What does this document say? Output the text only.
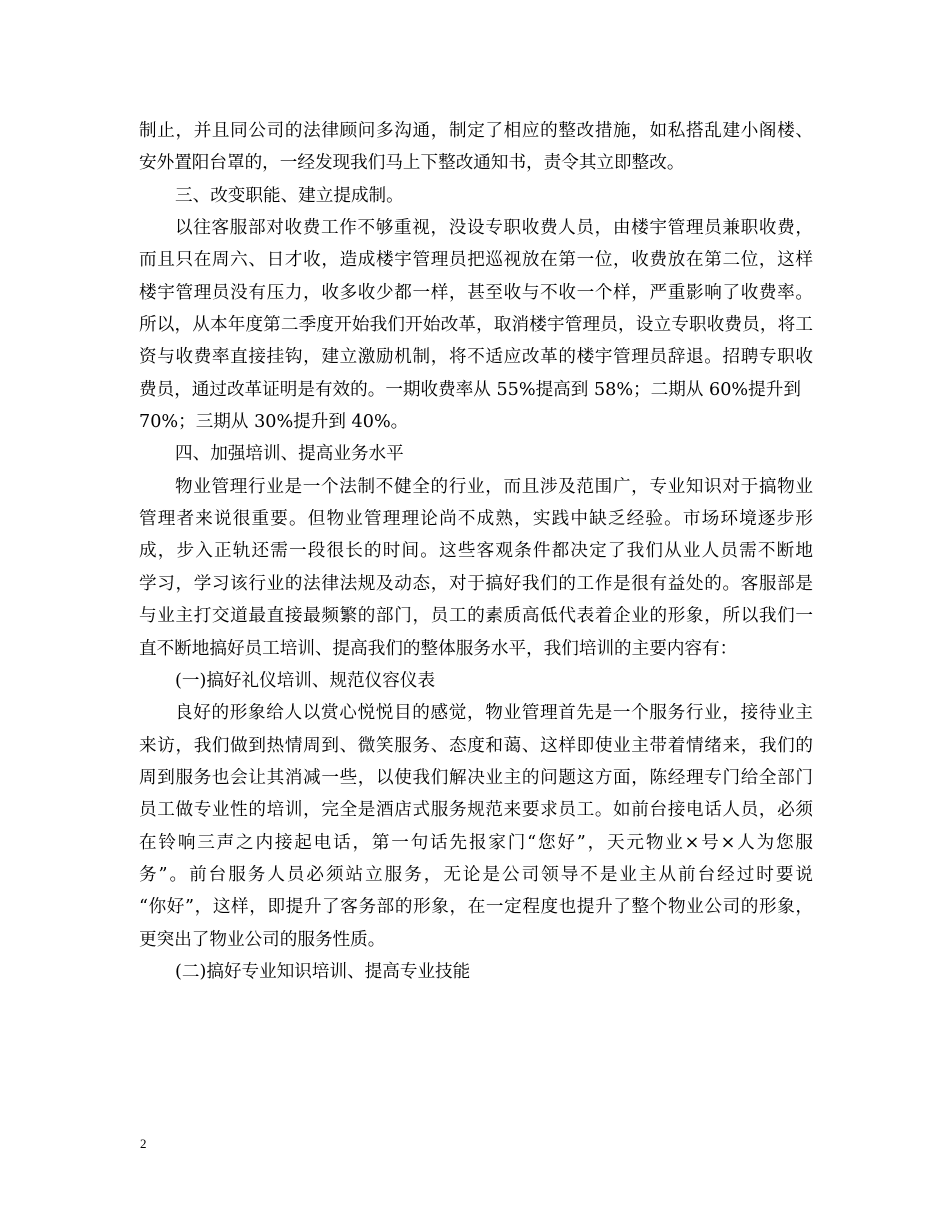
制止，并且同公司的法律顾问多沟通，制定了相应的整改措施，如私搭乱建小阁楼、
安外置阳台罩的，一经发现我们马上下整改通知书，责令其立即整改。
三、改变职能、建立提成制。
以往客服部对收费工作不够重视，没设专职收费人员，由楼宇管理员兼职收费，
而且只在周六、日才收，造成楼宇管理员把巡视放在第一位，收费放在第二位，这样
楼宇管理员没有压力，收多收少都一样，甚至收与不收一个样，严重影响了收费率。
所以，从本年度第二季度开始我们开始改革，取消楼宇管理员，设立专职收费员，将工
资与收费率直接挂钩，建立激励机制，将不适应改革的楼宇管理员辞退。招聘专职收
费员，通过改革证明是有效的。一期收费率从 55%提高到 58%；二期从 60%提升到
70%；三期从 30%提升到 40%。
四、加强培训、提高业务水平
物业管理行业是一个法制不健全的行业，而且涉及范围广，专业知识对于搞物业
管理者来说很重要。但物业管理理论尚不成熟，实践中缺乏经验。市场环境逐步形
成，步入正轨还需一段很长的时间。这些客观条件都决定了我们从业人员需不断地
学习，学习该行业的法律法规及动态，对于搞好我们的工作是很有益处的。客服部是
与业主打交道最直接最频繁的部门，员工的素质高低代表着企业的形象，所以我们一
直不断地搞好员工培训、提高我们的整体服务水平，我们培训的主要内容有：
(一)搞好礼仪培训、规范仪容仪表
良好的形象给人以赏心悦悦目的感觉，物业管理首先是一个服务行业，接待业主
来访，我们做到热情周到、微笑服务、态度和蔼、这样即使业主带着情绪来，我们的
周到服务也会让其消减一些，以使我们解决业主的问题这方面，陈经理专门给全部门
员工做专业性的培训，完全是酒店式服务规范来要求员工。如前台接电话人员，必须
在铃响三声之内接起电话，第一句话先报家门“您好”，天元物业×号×人为您服
务”。前台服务人员必须站立服务，无论是公司领导不是业主从前台经过时要说
“你好”，这样，即提升了客务部的形象，在一定程度也提升了整个物业公司的形象，
更突出了物业公司的服务性质。
(二)搞好专业知识培训、提高专业技能
2
